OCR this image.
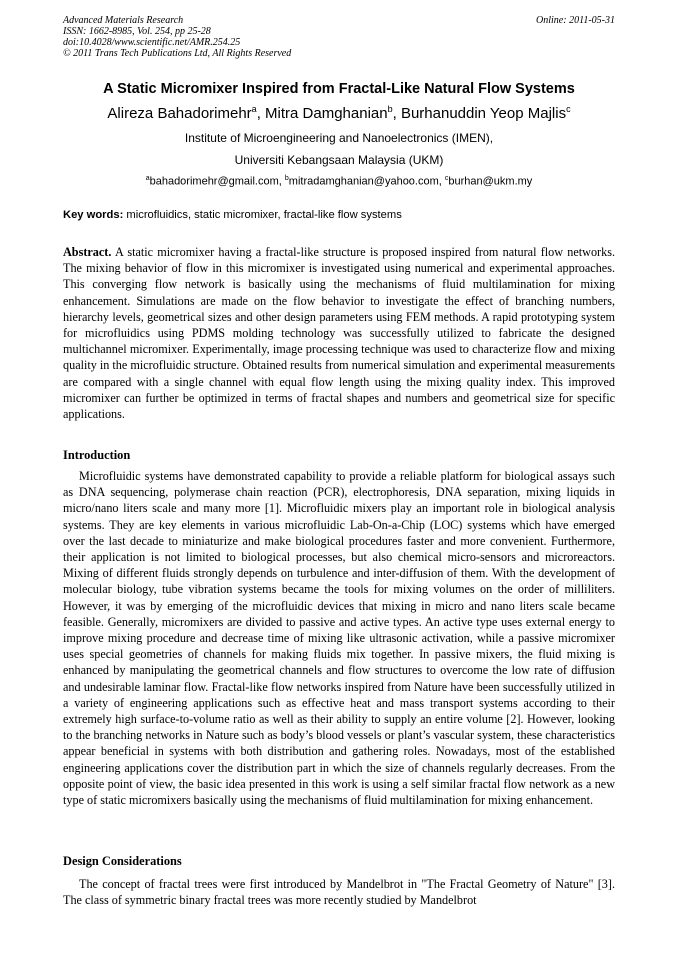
Advanced Materials Research
ISSN: 1662-8985, Vol. 254, pp 25-28
doi:10.4028/www.scientific.net/AMR.254.25
© 2011 Trans Tech Publications Ltd, All Rights Reserved
Online: 2011-05-31
A Static Micromixer Inspired from Fractal-Like Natural Flow Systems
Alireza Bahadorimehr$^a$, Mitra Damghanian$^b$, Burhanuddin Yeop Majlis$^c$
Institute of Microengineering and Nanoelectronics (IMEN),
Universiti Kebangsaan Malaysia (UKM)
$^a$bahadorimehr@gmail.com, $^b$mitradamghanian@yahoo.com, $^c$burhan@ukm.my
Key words: microfluidics, static micromixer, fractal-like flow systems
Abstract. A static micromixer having a fractal-like structure is proposed inspired from natural flow networks. The mixing behavior of flow in this micromixer is investigated using numerical and experimental approaches. This converging flow network is basically using the mechanisms of fluid multilamination for mixing enhancement. Simulations are made on the flow behavior to investigate the effect of branching numbers, hierarchy levels, geometrical sizes and other design parameters using FEM methods. A rapid prototyping system for microfluidics using PDMS molding technology was successfully utilized to fabricate the designed multichannel micromixer. Experimentally, image processing technique was used to characterize flow and mixing quality in the microfluidic structure. Obtained results from numerical simulation and experimental measurements are compared with a single channel with equal flow length using the mixing quality index. This improved micromixer can further be optimized in terms of fractal shapes and numbers and geometrical size for specific applications.
Introduction
Microfluidic systems have demonstrated capability to provide a reliable platform for biological assays such as DNA sequencing, polymerase chain reaction (PCR), electrophoresis, DNA separation, mixing liquids in micro/nano liters scale and many more [1]. Microfluidic mixers play an important role in biological analysis systems. They are key elements in various microfluidic Lab-On-a-Chip (LOC) systems which have emerged over the last decade to miniaturize and make biological procedures faster and more convenient. Furthermore, their application is not limited to biological processes, but also chemical micro-sensors and microreactors. Mixing of different fluids strongly depends on turbulence and inter-diffusion of them. With the development of molecular biology, tube vibration systems became the tools for mixing volumes on the order of milliliters. However, it was by emerging of the microfluidic devices that mixing in micro and nano liters scale became feasible. Generally, micromixers are divided to passive and active types. An active type uses external energy to improve mixing procedure and decrease time of mixing like ultrasonic activation, while a passive micromixer uses special geometries of channels for making fluids mix together. In passive mixers, the fluid mixing is enhanced by manipulating the geometrical channels and flow structures to overcome the low rate of diffusion and undesirable laminar flow. Fractal-like flow networks inspired from Nature have been successfully utilized in a variety of engineering applications such as effective heat and mass transport systems according to their extremely high surface-to-volume ratio as well as their ability to supply an entire volume [2]. However, looking to the branching networks in Nature such as body’s blood vessels or plant’s vascular system, these characteristics appear beneficial in systems with both distribution and gathering roles. Nowadays, most of the established engineering applications cover the distribution part in which the size of channels regularly decreases. From the opposite point of view, the basic idea presented in this work is using a self similar fractal flow network as a new type of static micromixers basically using the mechanisms of fluid multilamination for mixing enhancement.
Design Considerations
The concept of fractal trees were first introduced by Mandelbrot in "The Fractal Geometry of Nature" [3]. The class of symmetric binary fractal trees was more recently studied by Mandelbrot
